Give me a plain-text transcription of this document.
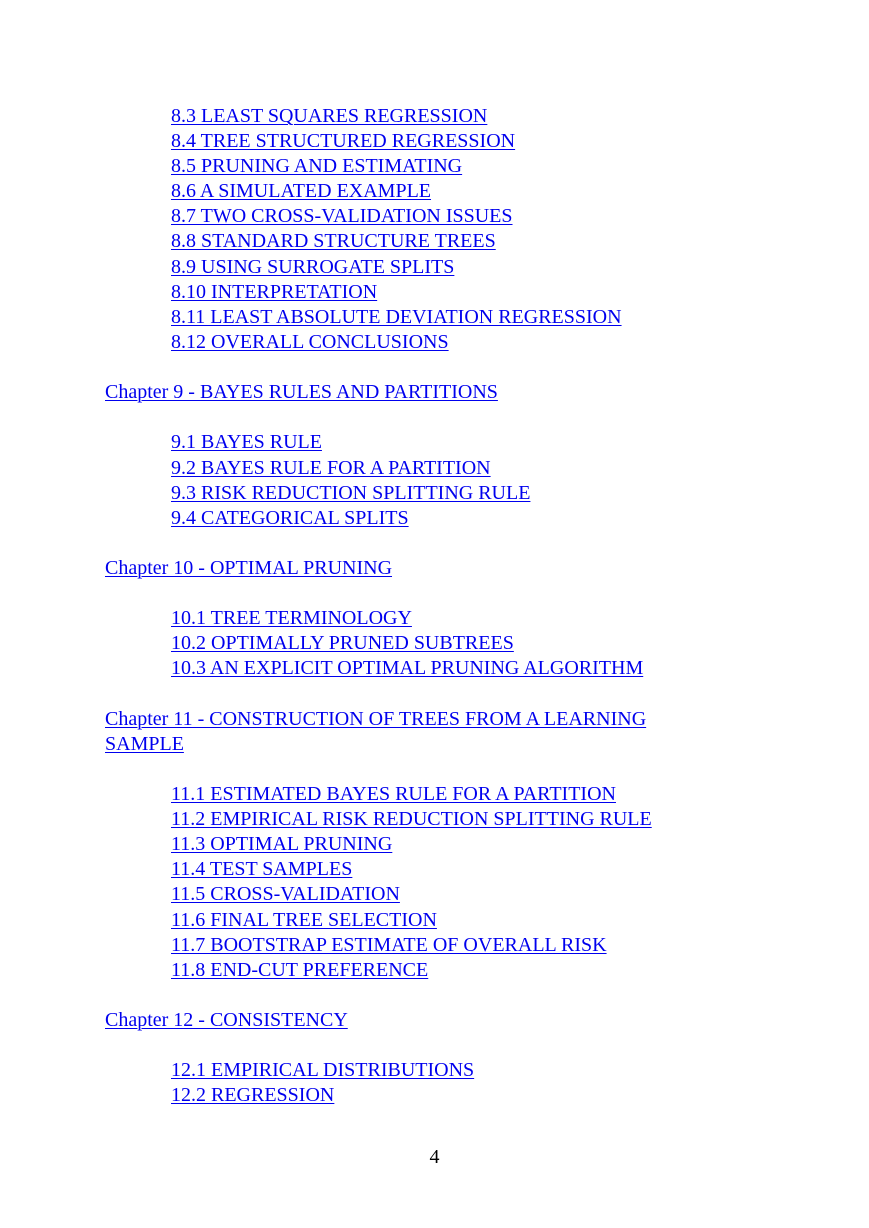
8.3 LEAST SQUARES REGRESSION
8.4 TREE STRUCTURED REGRESSION
8.5 PRUNING AND ESTIMATING
8.6 A SIMULATED EXAMPLE
8.7 TWO CROSS-VALIDATION ISSUES
8.8 STANDARD STRUCTURE TREES
8.9 USING SURROGATE SPLITS
8.10 INTERPRETATION
8.11 LEAST ABSOLUTE DEVIATION REGRESSION
8.12 OVERALL CONCLUSIONS
Chapter 9 - BAYES RULES AND PARTITIONS
9.1 BAYES RULE
9.2 BAYES RULE FOR A PARTITION
9.3 RISK REDUCTION SPLITTING RULE
9.4 CATEGORICAL SPLITS
Chapter 10 - OPTIMAL PRUNING
10.1 TREE TERMINOLOGY
10.2 OPTIMALLY PRUNED SUBTREES
10.3 AN EXPLICIT OPTIMAL PRUNING ALGORITHM
Chapter 11 - CONSTRUCTION OF TREES FROM A LEARNING SAMPLE
11.1 ESTIMATED BAYES RULE FOR A PARTITION
11.2 EMPIRICAL RISK REDUCTION SPLITTING RULE
11.3 OPTIMAL PRUNING
11.4 TEST SAMPLES
11.5 CROSS-VALIDATION
11.6 FINAL TREE SELECTION
11.7 BOOTSTRAP ESTIMATE OF OVERALL RISK
11.8 END-CUT PREFERENCE
Chapter 12 - CONSISTENCY
12.1 EMPIRICAL DISTRIBUTIONS
12.2 REGRESSION
4
